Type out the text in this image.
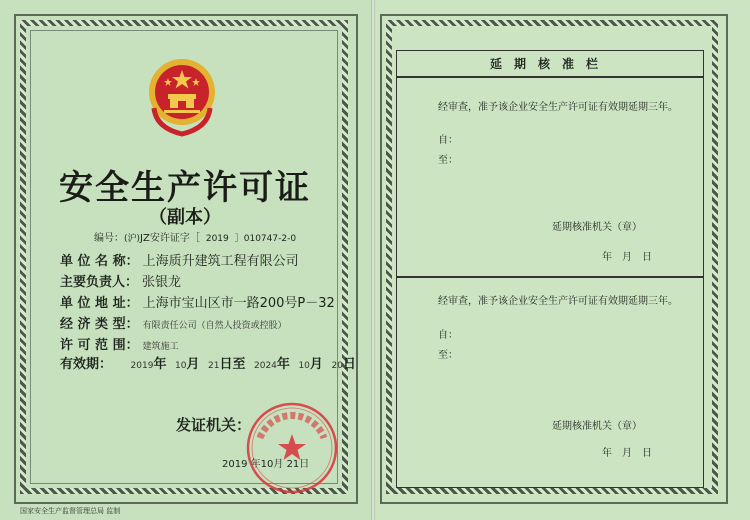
安全生产许可证
（副本）
编号：(沪)JZ安许证字［ 2019 ］010747-2-0
单 位 名 称： 上海质升建筑工程有限公司
主要负责人： 张银龙
单 位 地 址： 上海市宝山区市一路200号P－32
经 济 类 型： 有限责任公司（自然人投资或控股）
许 可 范 围： 建筑施工
有效期： 2019年 10月 21日至 2024年 10月 20日
发证机关：
2019 年10月 21日
国家安全生产监督管理总局 监制
延期核准栏
经审查，准予该企业安全生产许可证有效期延期三年。
自：
至：
延期核准机关（章）
年　月　日
经审查，准予该企业安全生产许可证有效期延期三年。
自：
至：
延期核准机关（章）
年　月　日
